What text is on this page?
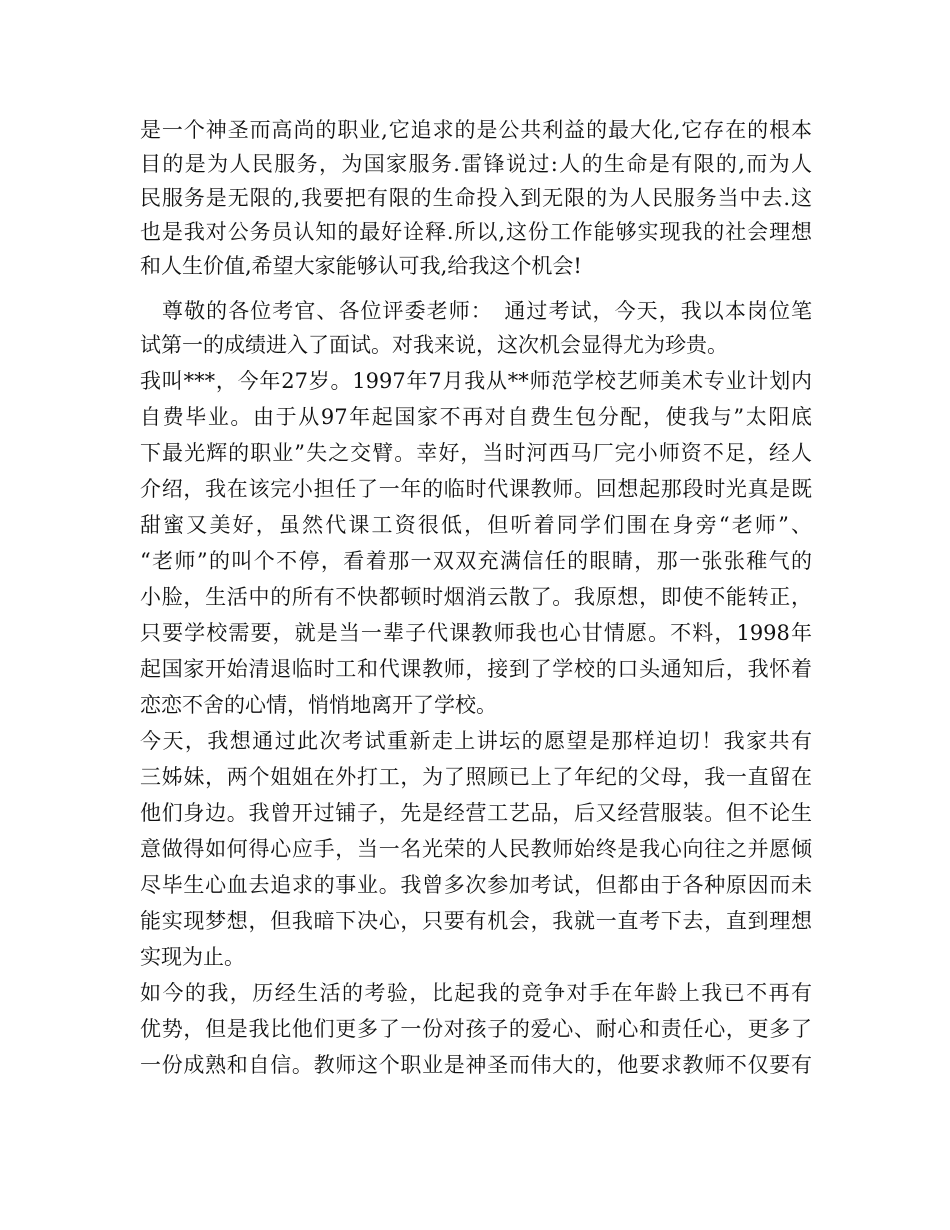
是一个神圣而高尚的职业,它追求的是公共利益的最大化,它存在的根本
目的是为人民服务，为国家服务.雷锋说过:人的生命是有限的,而为人
民服务是无限的,我要把有限的生命投入到无限的为人民服务当中去.这
也是我对公务员认知的最好诠释.所以,这份工作能够实现我的社会理想
和人生价值,希望大家能够认可我,给我这个机会!
　尊敬的各位考官、各位评委老师：　通过考试，今天，我以本岗位笔
试第一的成绩进入了面试。对我来说，这次机会显得尤为珍贵。
我叫***，今年27岁。1997年7月我从**师范学校艺师美术专业计划内
自费毕业。由于从97年起国家不再对自费生包分配，使我与”太阳底
下最光辉的职业”失之交臂。幸好，当时河西马厂完小师资不足，经人
介绍，我在该完小担任了一年的临时代课教师。回想起那段时光真是既
甜蜜又美好，虽然代课工资很低，但听着同学们围在身旁“老师”、
“老师”的叫个不停，看着那一双双充满信任的眼睛，那一张张稚气的
小脸，生活中的所有不快都顿时烟消云散了。我原想，即使不能转正，
只要学校需要，就是当一辈子代课教师我也心甘情愿。不料，1998年
起国家开始清退临时工和代课教师，接到了学校的口头通知后，我怀着
恋恋不舍的心情，悄悄地离开了学校。
今天，我想通过此次考试重新走上讲坛的愿望是那样迫切！我家共有
三姊妹，两个姐姐在外打工，为了照顾已上了年纪的父母，我一直留在
他们身边。我曾开过铺子，先是经营工艺品，后又经营服装。但不论生
意做得如何得心应手，当一名光荣的人民教师始终是我心向往之并愿倾
尽毕生心血去追求的事业。我曾多次参加考试，但都由于各种原因而未
能实现梦想，但我暗下决心，只要有机会，我就一直考下去，直到理想
实现为止。
如今的我，历经生活的考验，比起我的竞争对手在年龄上我已不再有
优势，但是我比他们更多了一份对孩子的爱心、耐心和责任心，更多了
一份成熟和自信。教师这个职业是神圣而伟大的，他要求教师不仅要有
